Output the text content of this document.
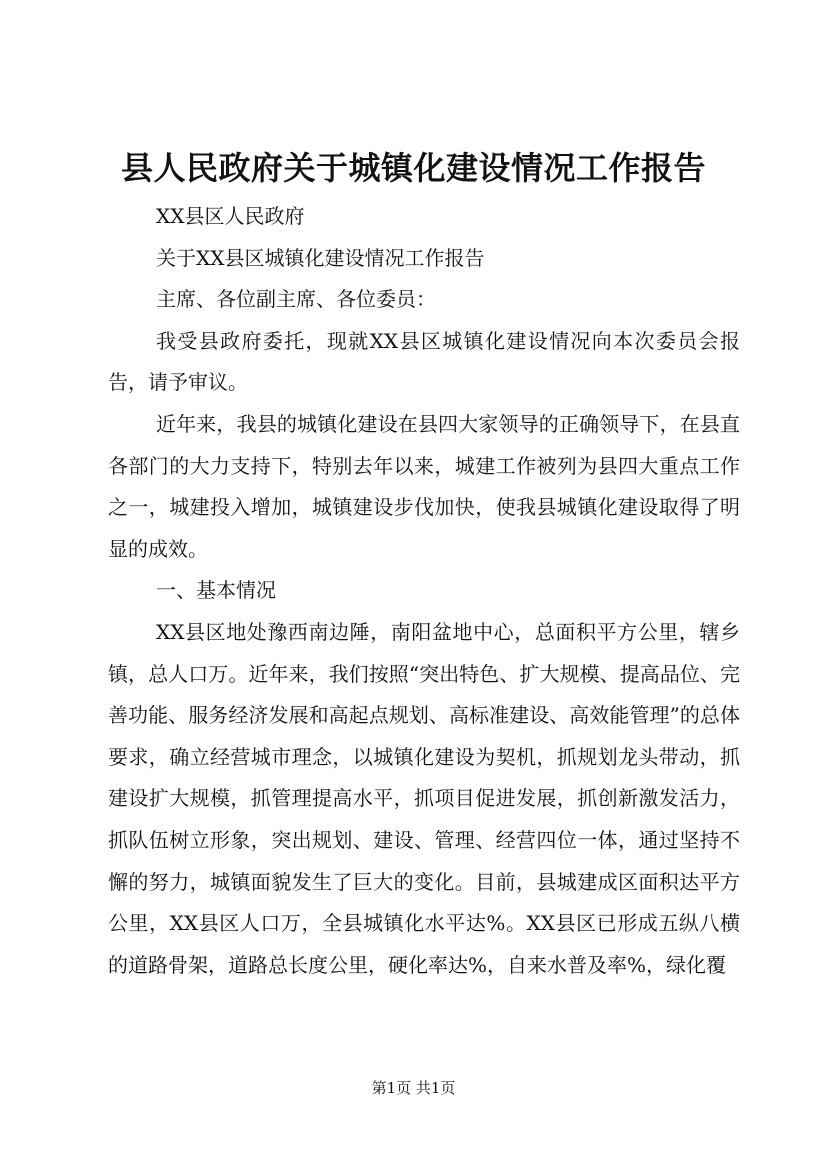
县人民政府关于城镇化建设情况工作报告

XX县区人民政府

关于XX县区城镇化建设情况工作报告

主席、各位副主席、各位委员：

我受县政府委托，现就XX县区城镇化建设情况向本次委员会报告，请予审议。

近年来，我县的城镇化建设在县四大家领导的正确领导下，在县直各部门的大力支持下，特别去年以来，城建工作被列为县四大重点工作之一，城建投入增加，城镇建设步伐加快，使我县城镇化建设取得了明显的成效。

一、基本情况

XX县区地处豫西南边陲，南阳盆地中心，总面积平方公里，辖乡镇，总人口万。近年来，我们按照“突出特色、扩大规模、提高品位、完善功能、服务经济发展和高起点规划、高标准建设、高效能管理”的总体要求，确立经营城市理念，以城镇化建设为契机，抓规划龙头带动，抓建设扩大规模，抓管理提高水平，抓项目促进发展，抓创新激发活力，抓队伍树立形象，突出规划、建设、管理、经营四位一体，通过坚持不懈的努力，城镇面貌发生了巨大的变化。目前，县城建成区面积达平方公里，XX县区人口万，全县城镇化水平达%。XX县区已形成五纵八横的道路骨架，道路总长度公里，硬化率达%，自来水普及率%，绿化覆

第1页 共1页
